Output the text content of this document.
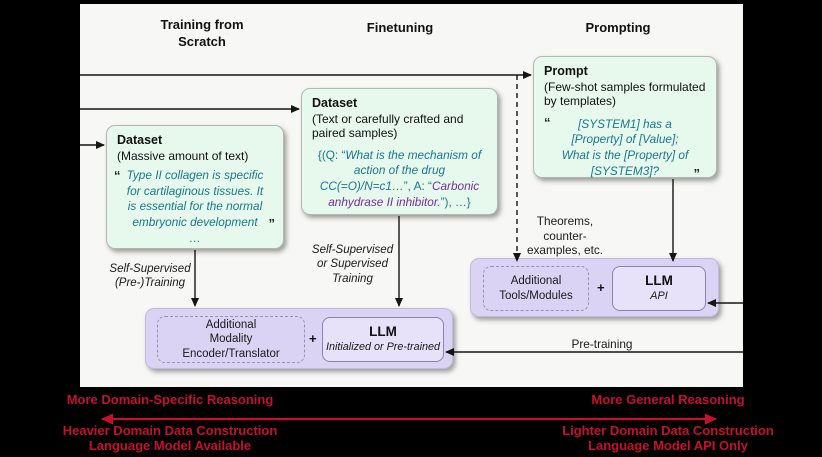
Training from Scratch
Finetuning	Prompting
Dataset
(Massive amount of text)
“
”
Type II collagen is specific
for cartilaginous tissues. It
is essential for the normal
embryonic development
…
Dataset
(Text or carefully crafted and paired samples)
{(Q: “What is the mechanism of action of the drug CC(=O)/N=c1…”, A: “Carbonic anhydrase II inhibitor.”), …}
Prompt
(Few-shot samples formulated by templates)
“
”
[SYSTEM1] has a
[Property] of [Value];
What is the [Property] of
[SYSTEM3]?
Self-Supervised
(Pre-)Training
Self-Supervised
or Supervised
Training
Theorems,
counter-
examples, etc.
Pre-training
Additional
Modality
Encoder/Translator
+	LLM
Initialized or Pre-trained
Additional
Tools/Modules
+	LLM
API
More Domain-Specific Reasoning	More General Reasoning
Heavier Domain Data Construction	Lighter Domain Data Construction
Language Model Available	Language Model API Only
